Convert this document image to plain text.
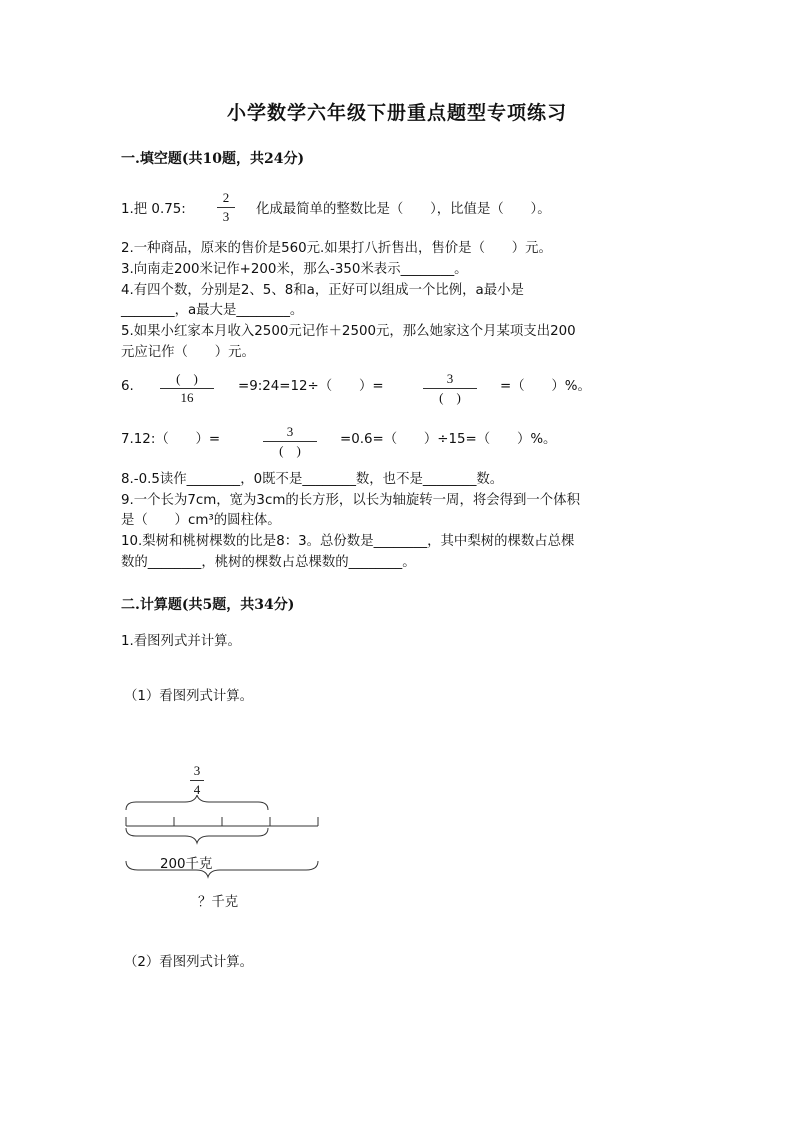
小学数学六年级下册重点题型专项练习
一.填空题(共10题，共24分)
1.把 0.75:
2
3	化成最简单的整数比是（　　），比值是（　　）。
2.一种商品，原来的售价是560元.如果打八折售出，售价是（　　）元。
3.向南走200米记作+200米，那么-350米表示________。
4.有四个数，分别是2、5、8和a，正好可以组成一个比例，a最小是
________，a最大是________。
5.如果小红家本月收入2500元记作＋2500元，那么她家这个月某项支出200
元应记作（　　）元。
6.
(　)
16
=9:24=12÷（　　）=
3
(　)
=（　　）%。
7.12:（　　）=
3
(　)
=0.6=（　　）÷15=（　　）%。
8.-0.5读作________，0既不是________数，也不是________数。
9.一个长为7cm，宽为3cm的长方形，以长为轴旋转一周，将会得到一个体积
是（　　）cm³的圆柱体。
10.梨树和桃树棵数的比是8：3。总份数是________，其中梨树的棵数占总棵
数的________，桃树的棵数占总棵数的________。
二.计算题(共5题，共34分)
1.看图列式并计算。
（1）看图列式计算。
3
4
200千克
？千克
（2）看图列式计算。
